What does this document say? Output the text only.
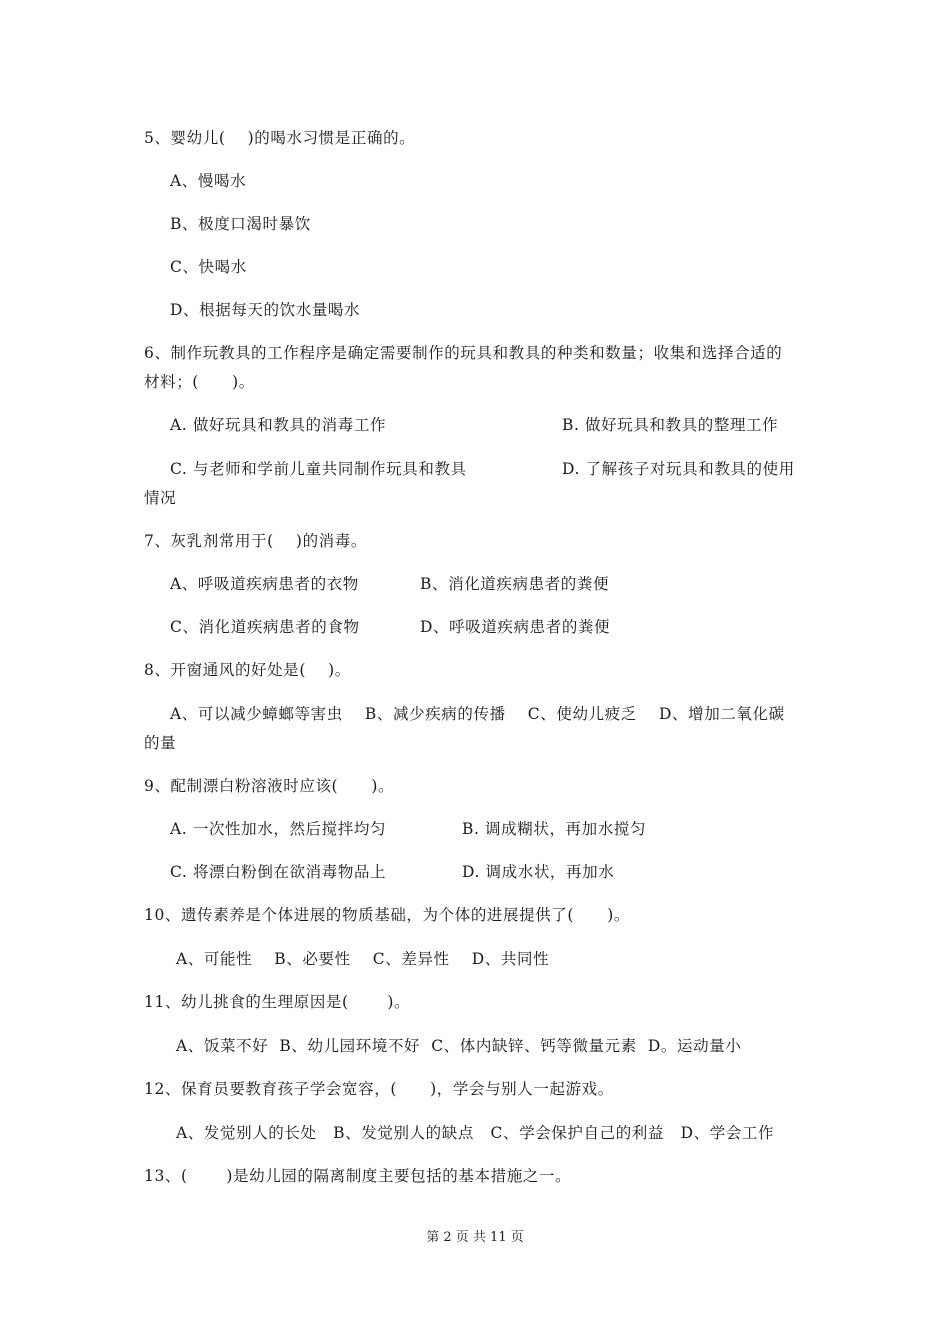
5、婴幼儿(    )的喝水习惯是正确的。
A、慢喝水
B、极度口渴时暴饮
C、快喝水
D、根据每天的饮水量喝水
6、制作玩教具的工作程序是确定需要制作的玩具和教具的种类和数量；收集和选择合适的
材料；(      )。
A. 做好玩具和教具的消毒工作	B. 做好玩具和教具的整理工作
C. 与老师和学前儿童共同制作玩具和教具	D. 了解孩子对玩具和教具的使用
情况
7、灰乳剂常用于(    )的消毒。
A、呼吸道疾病患者的衣物	B、消化道疾病患者的粪便
C、消化道疾病患者的食物	D、呼吸道疾病患者的粪便
8、开窗通风的好处是(    )。
A、可以减少蟑螂等害虫    B、减少疾病的传播    C、使幼儿疲乏    D、增加二氧化碳
的量
9、配制漂白粉溶液时应该(      )。
A. 一次性加水，然后搅拌均匀	B. 调成糊状，再加水搅匀
C. 将漂白粉倒在欲消毒物品上	D. 调成水状，再加水
10、遗传素养是个体进展的物质基础，为个体的进展提供了(      )。
A、可能性    B、必要性    C、差异性    D、共同性
11、幼儿挑食的生理原因是(       )。
A、饭菜不好  B、幼儿园环境不好  C、体内缺锌、钙等微量元素  D。运动量小
12、保育员要教育孩子学会宽容，(      )，学会与别人一起游戏。
A、发觉别人的长处   B、发觉别人的缺点   C、学会保护自己的利益   D、学会工作
13、(       )是幼儿园的隔离制度主要包括的基本措施之一。
第 2 页 共 11 页
